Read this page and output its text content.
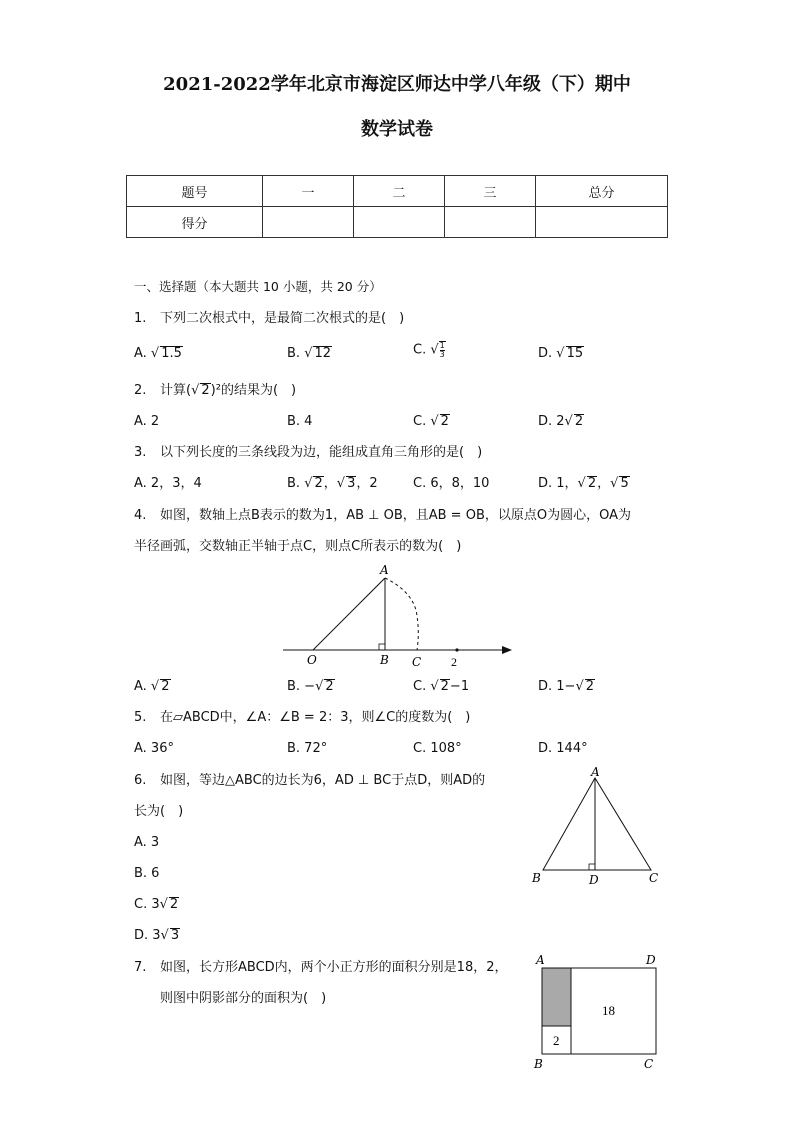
2021-2022学年北京市海淀区师达中学八年级（下）期中
数学试卷
题号	一	二	三	总分
得分				
一、选择题（本大题共 10 小题，共 20 分）
1. 下列二次根式中，是最简二次根式的是(　)
A. √ 1.5	B. √ 12	C. √ $\frac{1}{3}$	D. √ 15
2. 计算(√ 2)²的结果为(　)
A. 2	B. 4	C. √ 2	D. 2√ 2
3. 以下列长度的三条线段为边，能组成直角三角形的是(　)
A. 2，3，4	B. √ 2，√ 3，2	C. 6，8，10	D. 1，√ 2，√ 5
4. 如图，数轴上点B表示的数为1，AB ⊥ OB，且AB = OB，以原点O为圆心，OA为
半径画弧，交数轴正半轴于点C，则点C所表示的数为(　)
A
O	B C 2
A. √ 2	B. −√ 2	C. √ 2−1	D. 1−√ 2
5. 在▱ABCD中，∠A：∠B = 2：3，则∠C的度数为(　)
A. 36°	B. 72°	C. 108°	D. 144°
6. 如图，等边△ABC的边长为6，AD ⊥ BC于点D，则AD的
长为(　)
A. 3
B. 6
C. 3√ 2
D. 3√ 3
A
B	D	C
7. 如图，长方形ABCD内，两个小正方形的面积分别是18，2，
则图中阴影部分的面积为(　)
A	D
B	C
18
2
